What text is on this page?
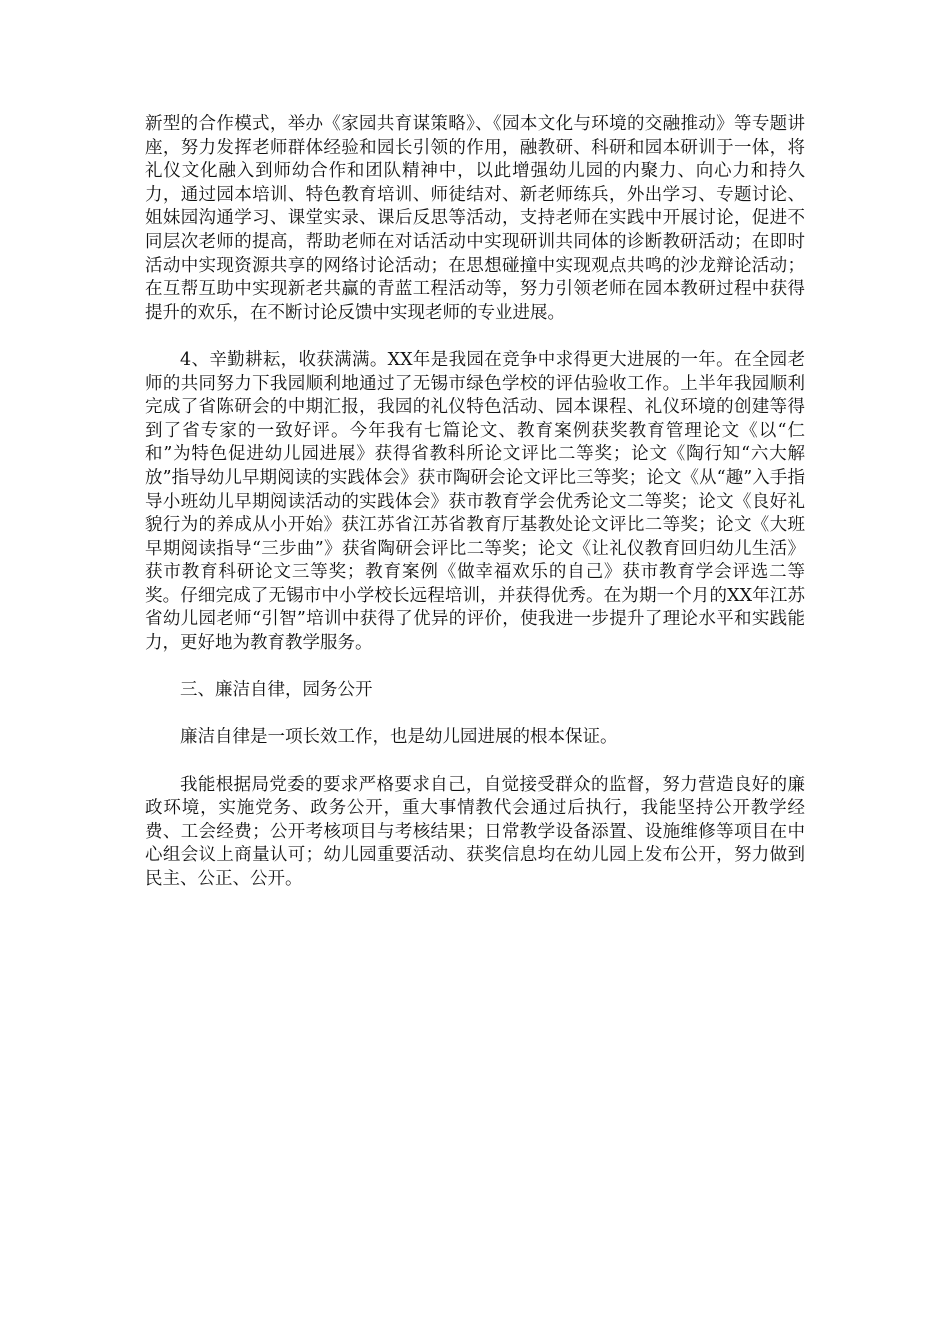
新型的合作模式，举办《家园共育谋策略》、《园本文化与环境的交融推动》等专题讲座，努力发挥老师群体经验和园长引领的作用，融教研、科研和园本研训于一体，将礼仪文化融入到师幼合作和团队精神中，以此增强幼儿园的内聚力、向心力和持久力，通过园本培训、特色教育培训、师徒结对、新老师练兵，外出学习、专题讨论、姐妹园沟通学习、课堂实录、课后反思等活动，支持老师在实践中开展讨论，促进不同层次老师的提高，帮助老师在对话活动中实现研训共同体的诊断教研活动；在即时活动中实现资源共享的网络讨论活动；在思想碰撞中实现观点共鸣的沙龙辩论活动；在互帮互助中实现新老共赢的青蓝工程活动等，努力引领老师在园本教研过程中获得提升的欢乐，在不断讨论反馈中实现老师的专业进展。

4、辛勤耕耘，收获满满。XX年是我园在竞争中求得更大进展的一年。在全园老师的共同努力下我园顺利地通过了无锡市绿色学校的评估验收工作。上半年我园顺利完成了省陈研会的中期汇报，我园的礼仪特色活动、园本课程、礼仪环境的创建等得到了省专家的一致好评。今年我有七篇论文、教育案例获奖教育管理论文《以“仁和”为特色促进幼儿园进展》获得省教科所论文评比二等奖；论文《陶行知“六大解放”指导幼儿早期阅读的实践体会》获市陶研会论文评比三等奖；论文《从“趣”入手指导小班幼儿早期阅读活动的实践体会》获市教育学会优秀论文二等奖；论文《良好礼貌行为的养成从小开始》获江苏省江苏省教育厅基教处论文评比二等奖；论文《大班早期阅读指导“三步曲”》获省陶研会评比二等奖；论文《让礼仪教育回归幼儿生活》获市教育科研论文三等奖；教育案例《做幸福欢乐的自己》获市教育学会评选二等奖。仔细完成了无锡市中小学校长远程培训，并获得优秀。在为期一个月的XX年江苏省幼儿园老师“引智”培训中获得了优异的评价，使我进一步提升了理论水平和实践能力，更好地为教育教学服务。

三、廉洁自律，园务公开

廉洁自律是一项长效工作，也是幼儿园进展的根本保证。

我能根据局党委的要求严格要求自己，自觉接受群众的监督，努力营造良好的廉政环境，实施党务、政务公开，重大事情教代会通过后执行，我能坚持公开教学经费、工会经费；公开考核项目与考核结果；日常教学设备添置、设施维修等项目在中心组会议上商量认可；幼儿园重要活动、获奖信息均在幼儿园上发布公开，努力做到民主、公正、公开。
